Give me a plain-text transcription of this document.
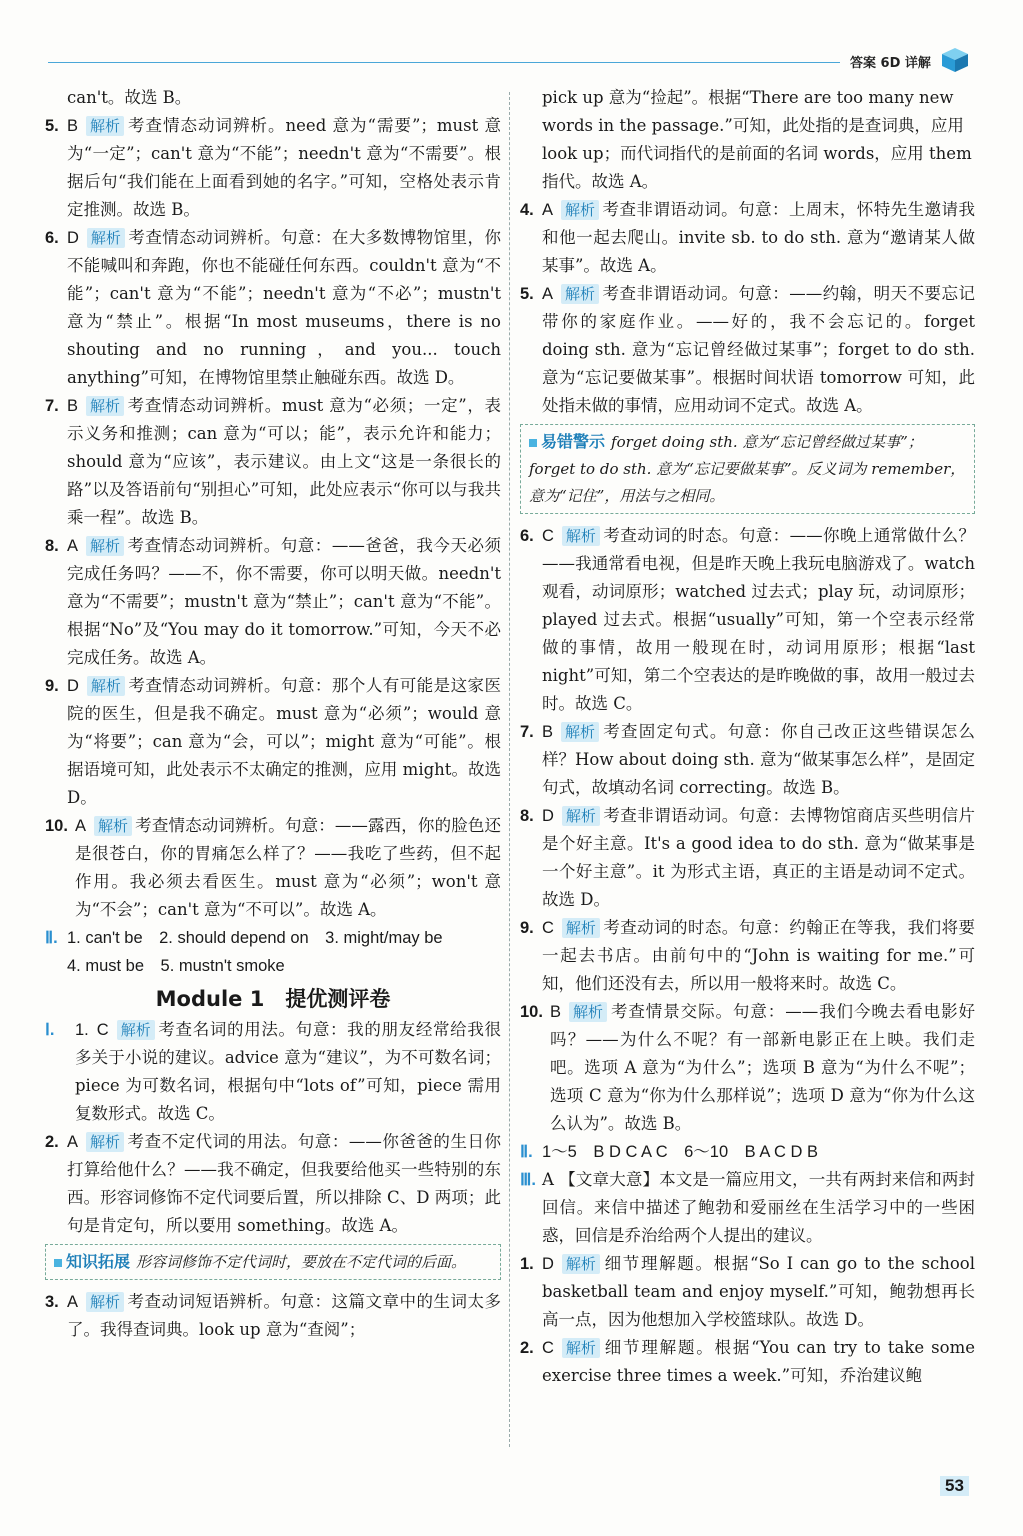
答案 6D 详解
can't。故选 B。
5. B 解析 考查情态动词辨析。need 意为“需要”；must 意为“一定”；can't 意为“不能”；needn't 意为“不需要”。根据后句“我们能在上面看到她的名字。”可知，空格处表示肯定推测。故选 B。
6. D 解析 考查情态动词辨析。句意：在大多数博物馆里，你不能喊叫和奔跑，你也不能碰任何东西。couldn't 意为“不能”；can't 意为“不能”；needn't 意为“不必”；mustn't 意为“禁止”。根据“In most museums，there is no shouting and no running，and you... touch anything”可知，在博物馆里禁止触碰东西。故选 D。
7. B 解析 考查情态动词辨析。must 意为“必须；一定”，表示义务和推测；can 意为“可以；能”，表示允许和能力；should 意为“应该”，表示建议。由上文“这是一条很长的路”以及答语前句“别担心”可知，此处应表示“你可以与我共乘一程”。故选 B。
8. A 解析 考查情态动词辨析。句意：——爸爸，我今天必须完成任务吗？——不，你不需要，你可以明天做。needn't 意为“不需要”；mustn't 意为“禁止”；can't 意为“不能”。根据“No”及“You may do it tomorrow.”可知，今天不必完成任务。故选 A。
9. D 解析 考查情态动词辨析。句意：那个人有可能是这家医院的医生，但是我不确定。must 意为“必须”；would 意为“将要”；can 意为“会，可以”；might 意为“可能”。根据语境可知，此处表示不太确定的推测，应用 might。故选 D。
10. A 解析 考查情态动词辨析。句意：——露西，你的脸色还是很苍白，你的胃痛怎么样了？——我吃了些药，但不起作用。我必须去看医生。must 意为“必须”；won't 意为“不会”；can't 意为“不可以”。故选 A。
Ⅱ. 1. can't be　2. should depend on　3. might/may be
4. must be　5. mustn't smoke
Module 1　提优测评卷
Ⅰ. 1. C 解析 考查名词的用法。句意：我的朋友经常给我很多关于小说的建议。advice 意为“建议”，为不可数名词；piece 为可数名词，根据句中“lots of”可知，piece 需用复数形式。故选 C。
2. A 解析 考查不定代词的用法。句意：——你爸爸的生日你打算给他什么？——我不确定，但我要给他买一些特别的东西。形容词修饰不定代词要后置，所以排除 C、D 两项；此句是肯定句，所以要用 something。故选 A。
知识拓展 形容词修饰不定代词时，要放在不定代词的后面。
3. A 解析 考查动词短语辨析。句意：这篇文章中的生词太多了。我得查词典。look up 意为“查阅”；
pick up 意为“捡起”。根据“There are too many new words in the passage.”可知，此处指的是查词典，应用 look up；而代词指代的是前面的名词 words，应用 them 指代。故选 A。
4. A 解析 考查非谓语动词。句意：上周末，怀特先生邀请我和他一起去爬山。invite sb. to do sth. 意为“邀请某人做某事”。故选 A。
5. A 解析 考查非谓语动词。句意：——约翰，明天不要忘记带你的家庭作业。——好的，我不会忘记的。forget doing sth. 意为“忘记曾经做过某事”；forget to do sth. 意为“忘记要做某事”。根据时间状语 tomorrow 可知，此处指未做的事情，应用动词不定式。故选 A。
易错警示 forget doing sth. 意为“忘记曾经做过某事”；forget to do sth. 意为“忘记要做某事”。反义词为 remember，意为“记住”，用法与之相同。
6. C 解析 考查动词的时态。句意：——你晚上通常做什么？——我通常看电视，但是昨天晚上我玩电脑游戏了。watch 观看，动词原形；watched 过去式；play 玩，动词原形；played 过去式。根据“usually”可知，第一个空表示经常做的事情，故用一般现在时，动词用原形；根据“last night”可知，第二个空表达的是昨晚做的事，故用一般过去时。故选 C。
7. B 解析 考查固定句式。句意：你自己改正这些错误怎么样？How about doing sth. 意为“做某事怎么样”，是固定句式，故填动名词 correcting。故选 B。
8. D 解析 考查非谓语动词。句意：去博物馆商店买些明信片是个好主意。It's a good idea to do sth. 意为“做某事是一个好主意”。it 为形式主语，真正的主语是动词不定式。故选 D。
9. C 解析 考查动词的时态。句意：约翰正在等我，我们将要一起去书店。由前句中的“John is waiting for me.”可知，他们还没有去，所以用一般将来时。故选 C。
10. B 解析 考查情景交际。句意：——我们今晚去看电影好吗？——为什么不呢？有一部新电影正在上映。我们走吧。选项 A 意为“为什么”；选项 B 意为“为什么不呢”；选项 C 意为“你为什么那样说”；选项 D 意为“你为什么这么认为”。故选 B。
Ⅱ. 1～5　B D C A C　6～10　B A C D B
Ⅲ. A 【文章大意】本文是一篇应用文，一共有两封来信和两封回信。来信中描述了鲍勃和爱丽丝在生活学习中的一些困惑，回信是乔治给两个人提出的建议。
1. D 解析 细节理解题。根据“So I can go to the school basketball team and enjoy myself.”可知，鲍勃想再长高一点，因为他想加入学校篮球队。故选 D。
2. C 解析 细节理解题。根据“You can try to take some exercise three times a week.”可知，乔治建议鲍
53
